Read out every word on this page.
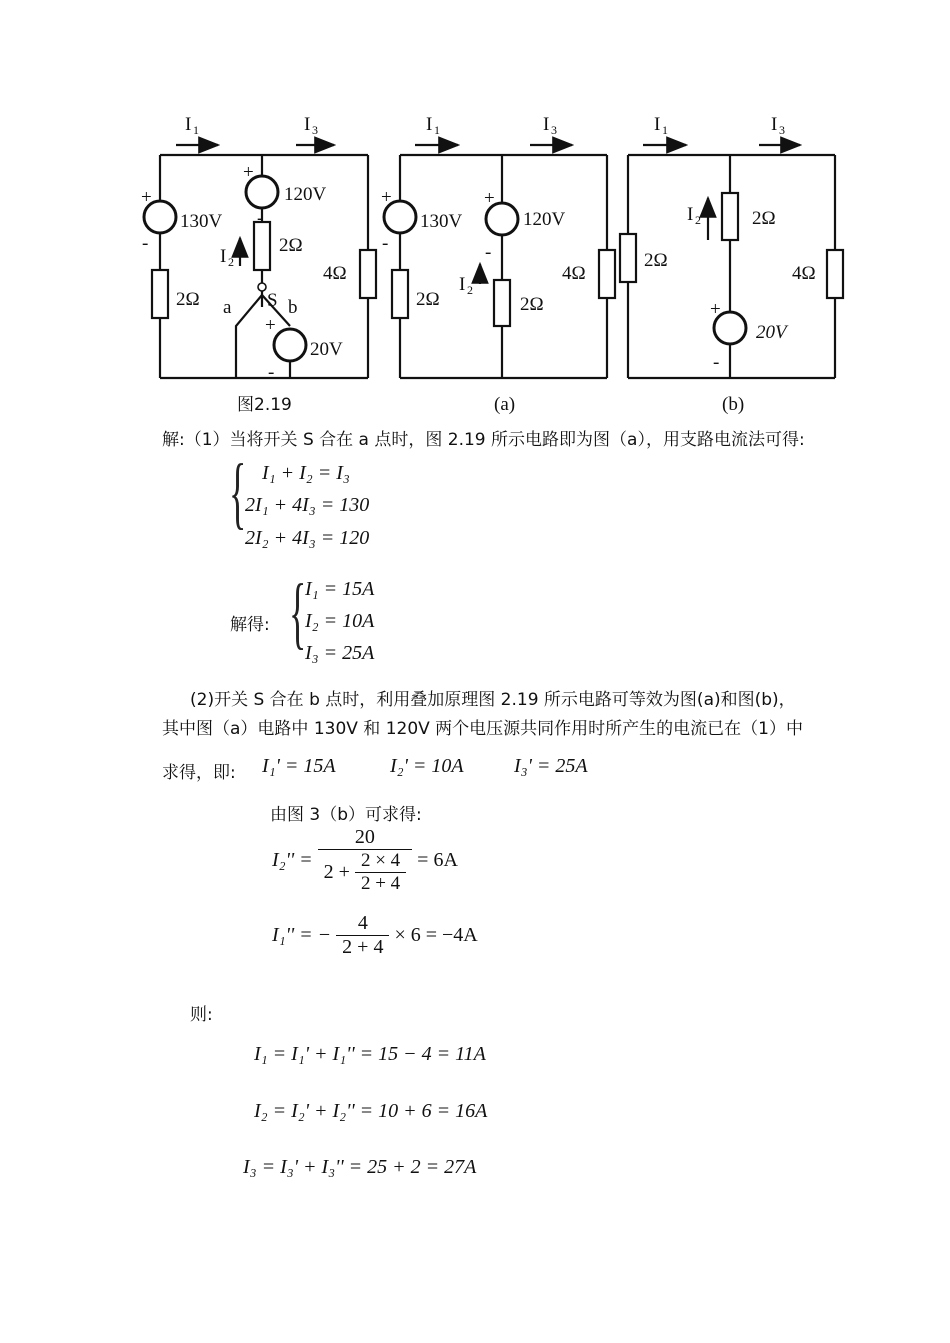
I 1	I 3
+
-
130V
+
-
120V
2Ω
I 2
2Ω	S
a	b
+
-
20V
4Ω
I 1	I 3
+
-
130V
+
-
120V
2Ω
I 2
2Ω
4Ω
I 1	I 3
2Ω
I 2	2Ω
4Ω
+
-
20V
图2.19	(a)	(b)
解:（1）当将开关 S 合在 a 点时，图 2.19 所示电路即为图（a），用支路电流法可得:
{ I₁ + I₂ = I₃
2I₁ + 4I₃ = 130
2I₂ + 4I₃ = 120
解得: {
I₁ = 15A
I₂ = 10A
I₃ = 25A
(2)开关 S 合在 b 点时，利用叠加原理图 2.19 所示电路可等效为图(a)和图(b)，
其中图（a）电路中 130V 和 120V 两个电压源共同作用时所产生的电流已在（1）中
求得，即: I₁' = 15A	I₂' = 10A	I₃' = 25A
由图 3（b）可求得:
$I_2'' = \frac{20}{2 + \frac{2 \times 4}{2 + 4}} = 6A$
I₁'' = − $\frac{4}{2 + 4} \times 6 = -4A$
则:
I₁ = I₁' + I₁'' = 15 − 4 = 11A
I₂ = I₂' + I₂'' = 10 + 6 = 16A
I₃ = I₃' + I₃'' = 25 + 2 = 27A
